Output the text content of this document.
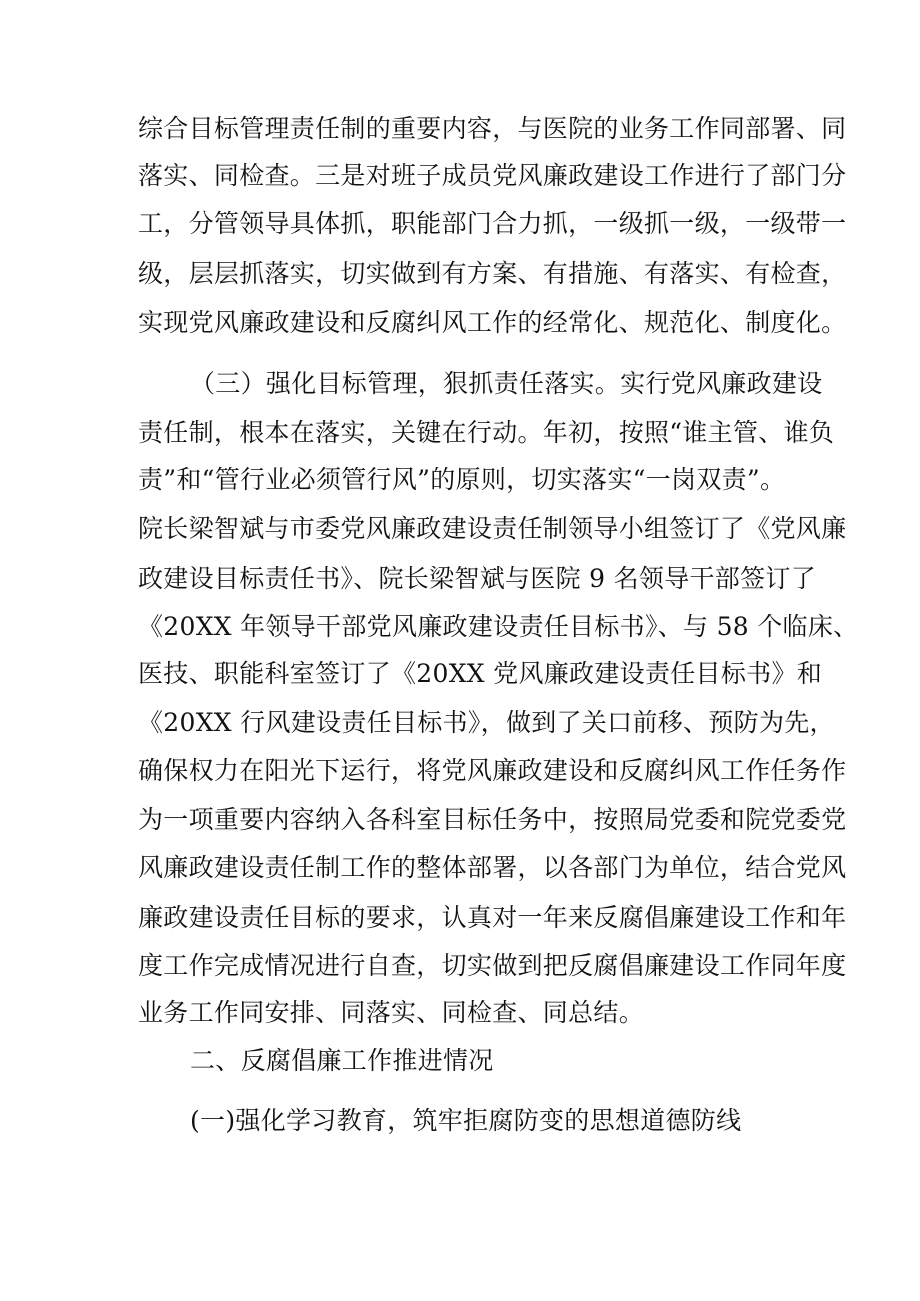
综合目标管理责任制的重要内容，与医院的业务工作同部署、同
落实、同检查。三是对班子成员党风廉政建设工作进行了部门分
工，分管领导具体抓，职能部门合力抓，一级抓一级，一级带一
级，层层抓落实，切实做到有方案、有措施、有落实、有检查，
实现党风廉政建设和反腐纠风工作的经常化、规范化、制度化。
（三）强化目标管理，狠抓责任落实。实行党风廉政建设
责任制，根本在落实，关键在行动。年初，按照“谁主管、谁负
责”和“管行业必须管行风”的原则，切实落实“一岗双责”。
院长梁智斌与市委党风廉政建设责任制领导小组签订了《党风廉
政建设目标责任书》、院长梁智斌与医院 9 名领导干部签订了
《20XX 年领导干部党风廉政建设责任目标书》、与 58 个临床、
医技、职能科室签订了《20XX 党风廉政建设责任目标书》和
《20XX 行风建设责任目标书》，做到了关口前移、预防为先，
确保权力在阳光下运行，将党风廉政建设和反腐纠风工作任务作
为一项重要内容纳入各科室目标任务中，按照局党委和院党委党
风廉政建设责任制工作的整体部署，以各部门为单位，结合党风
廉政建设责任目标的要求，认真对一年来反腐倡廉建设工作和年
度工作完成情况进行自查，切实做到把反腐倡廉建设工作同年度
业务工作同安排、同落实、同检查、同总结。
二、反腐倡廉工作推进情况
(一)强化学习教育，筑牢拒腐防变的思想道德防线
